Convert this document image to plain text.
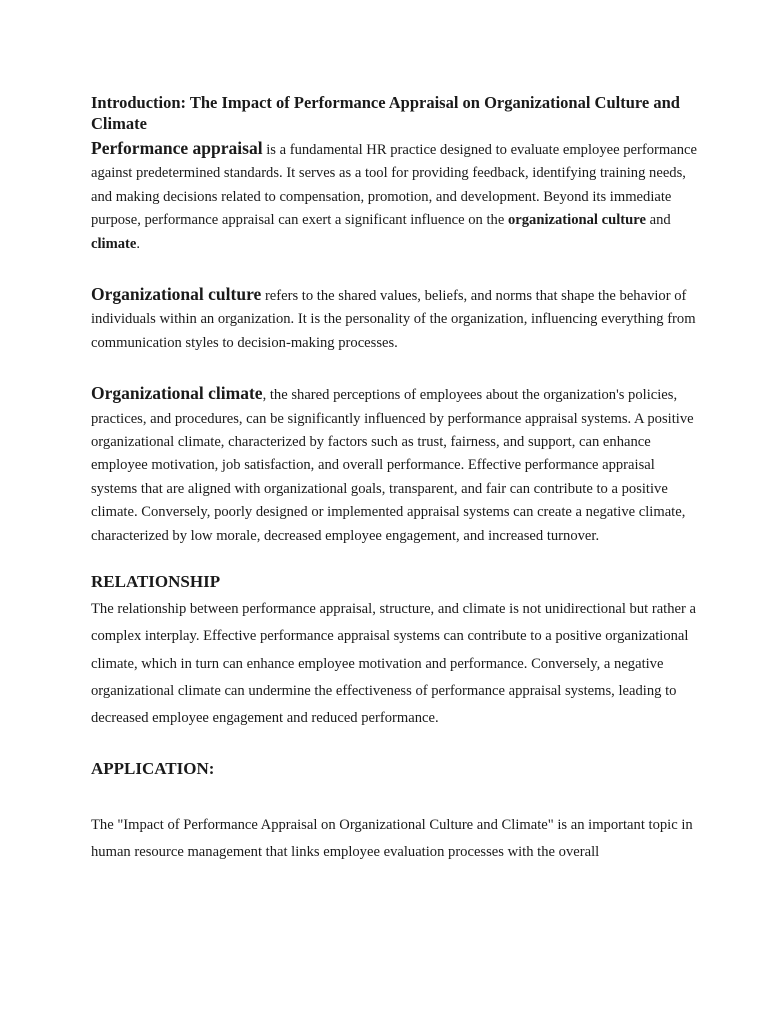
Introduction: The Impact of Performance Appraisal on Organizational Culture and Climate

Performance appraisal is a fundamental HR practice designed to evaluate employee performance against predetermined standards. It serves as a tool for providing feedback, identifying training needs, and making decisions related to compensation, promotion, and development. Beyond its immediate purpose, performance appraisal can exert a significant influence on the organizational culture and climate.

Organizational culture refers to the shared values, beliefs, and norms that shape the behavior of individuals within an organization. It is the personality of the organization, influencing everything from communication styles to decision-making processes.

Organizational climate, the shared perceptions of employees about the organization's policies, practices, and procedures, can be significantly influenced by performance appraisal systems. A positive organizational climate, characterized by factors such as trust, fairness, and support, can enhance employee motivation, job satisfaction, and overall performance. Effective performance appraisal systems that are aligned with organizational goals, transparent, and fair can contribute to a positive climate. Conversely, poorly designed or implemented appraisal systems can create a negative climate, characterized by low morale, decreased employee engagement, and increased turnover.

RELATIONSHIP

The relationship between performance appraisal, structure, and climate is not unidirectional but rather a complex interplay. Effective performance appraisal systems can contribute to a positive organizational climate, which in turn can enhance employee motivation and performance. Conversely, a negative organizational climate can undermine the effectiveness of performance appraisal systems, leading to decreased employee engagement and reduced performance.

APPLICATION:

The "Impact of Performance Appraisal on Organizational Culture and Climate" is an important topic in human resource management that links employee evaluation processes with the overall
